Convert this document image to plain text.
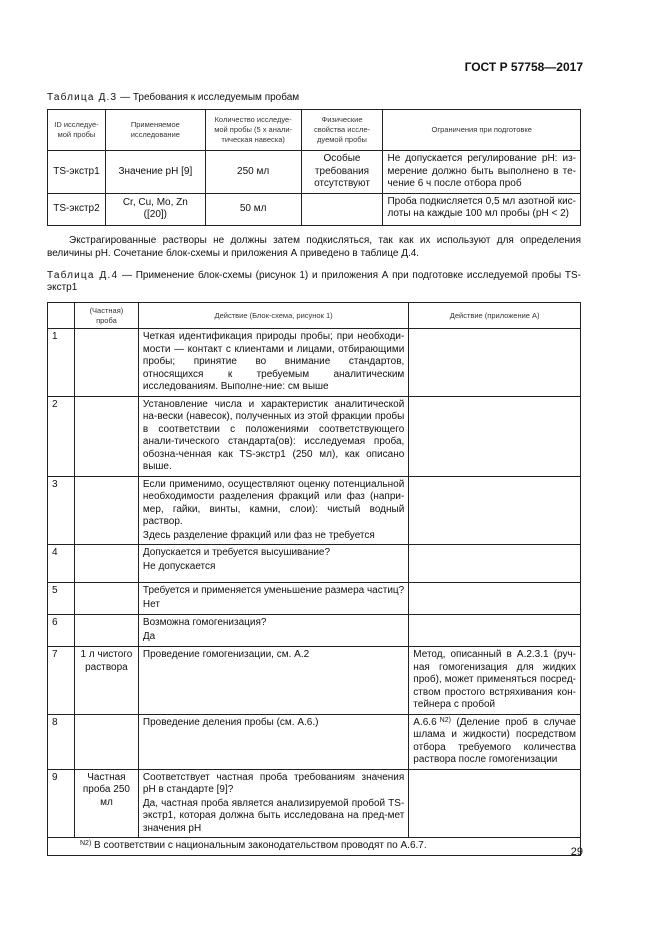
ГОСТ Р 57758—2017
Таблица Д.3 — Требования к исследуемым пробам
ID исследуе-мой пробы	Применяемое исследование	Количество исследуе-мой пробы (5 х анали-тическая навеска)	Физические свойства иссле-дуемой пробы	Ограничения при подготовке
TS-экстр1	Значение pH [9]	250 мл	Особые требования отсутствуют	Не допускается регулирование pH: из-мерение должно быть выполнено в те-чение 6 ч после отбора проб
TS-экстр2	Cr, Cu, Mo, Zn ([20])	50 мл		Проба подкисляется 0,5 мл азотной кис-лоты на каждые 100 мл пробы (pH < 2)
Экстрагированные растворы не должны затем подкисляться, так как их используют для определения величины pH. Сочетание блок-схемы и приложения А приведено в таблице Д.4.
Таблица Д.4 — Применение блок-схемы (рисунок 1) и приложения А при подготовке исследуемой пробы TS-экстр1
	(Частная) проба	Действие (Блок-схема, рисунок 1)	Действие (приложение А)
1		Четкая идентификация природы пробы; при необходи-мости — контакт с клиентами и лицами, отбирающими пробы; принятие во внимание стандартов, относящихся к требуемым аналитическим исследованиям. Выполне-ние: см выше	

2		Установление числа и характеристик аналитической на-вески (навесок), полученных из этой фракции пробы в соответствии с положениями соответствующего анали-тического стандарта(ов): исследуемая проба, обозна-ченная как TS-экстр1 (250 мл), как описано выше.	

3		Если применимо, осуществляют оценку потенциальной необходимости разделения фракций или фаз (напри-мер, гайки, винты, камни, слои): чистый водный раствор.

Здесь разделение фракций или фаз не требуется	

4		Допускается и требуется высушивание?

Не допускается	

5		Требуется и применяется уменьшение размера частиц?

Нет	

6		Возможна гомогенизация?

Да	

7	1 л чистого раствора	Проведение гомогенизации, см. А.2	Метод, описанный в А.2.3.1 (руч-ная гомогенизация для жидких проб), может применяться посред-ством простого встряхивания кон-тейнера с пробой
8		Проведение деления пробы (см. А.6.)	А.6.6 $^{N2)}$ (Деление проб в случае шлама и жидкости) посредством отбора требуемого количества раствора после гомогенизации
9	Частная проба 250 мл	Соответствует частная проба требованиям значения pH в стандарте [9]?

Да, частная проба является анализируемой пробой TS-экстр1, которая должна быть исследована на пред-мет значения pH	

$^{N2)}$ В соответствии с национальным законодательством проводят по А.6.7.			
29
